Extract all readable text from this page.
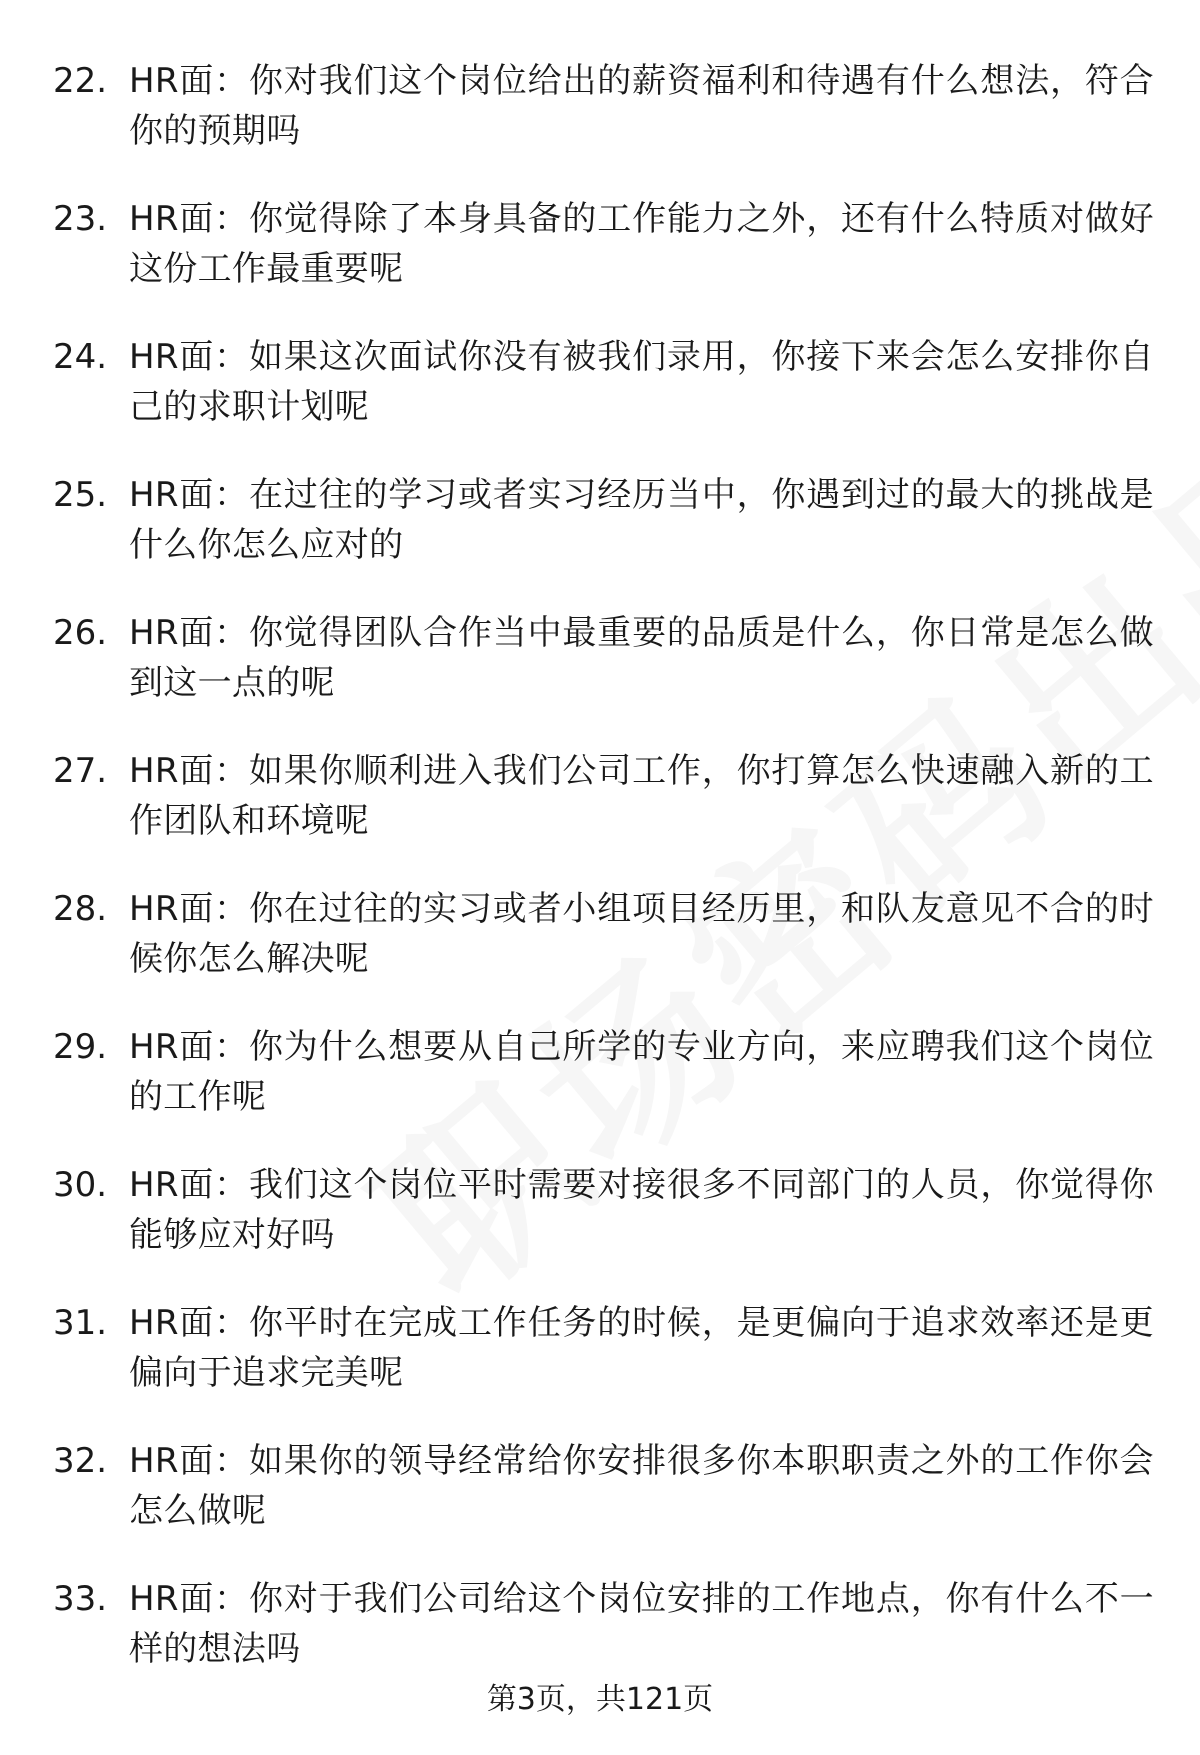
22. HR面：你对我们这个岗位给出的薪资福利和待遇有什么想法，符合你的预期吗
23. HR面：你觉得除了本身具备的工作能力之外，还有什么特质对做好这份工作最重要呢
24. HR面：如果这次面试你没有被我们录用，你接下来会怎么安排你自己的求职计划呢
25. HR面：在过往的学习或者实习经历当中，你遇到过的最大的挑战是什么你怎么应对的
26. HR面：你觉得团队合作当中最重要的品质是什么，你日常是怎么做到这一点的呢
27. HR面：如果你顺利进入我们公司工作，你打算怎么快速融入新的工作团队和环境呢
28. HR面：你在过往的实习或者小组项目经历里，和队友意见不合的时候你怎么解决呢
29. HR面：你为什么想要从自己所学的专业方向，来应聘我们这个岗位的工作呢
30. HR面：我们这个岗位平时需要对接很多不同部门的人员，你觉得你能够应对好吗
31. HR面：你平时在完成工作任务的时候，是更偏向于追求效率还是更偏向于追求完美呢
32. HR面：如果你的领导经常给你安排很多你本职职责之外的工作你会怎么做呢
33. HR面：你对于我们公司给这个岗位安排的工作地点，你有什么不一样的想法吗
第3页，共121页
